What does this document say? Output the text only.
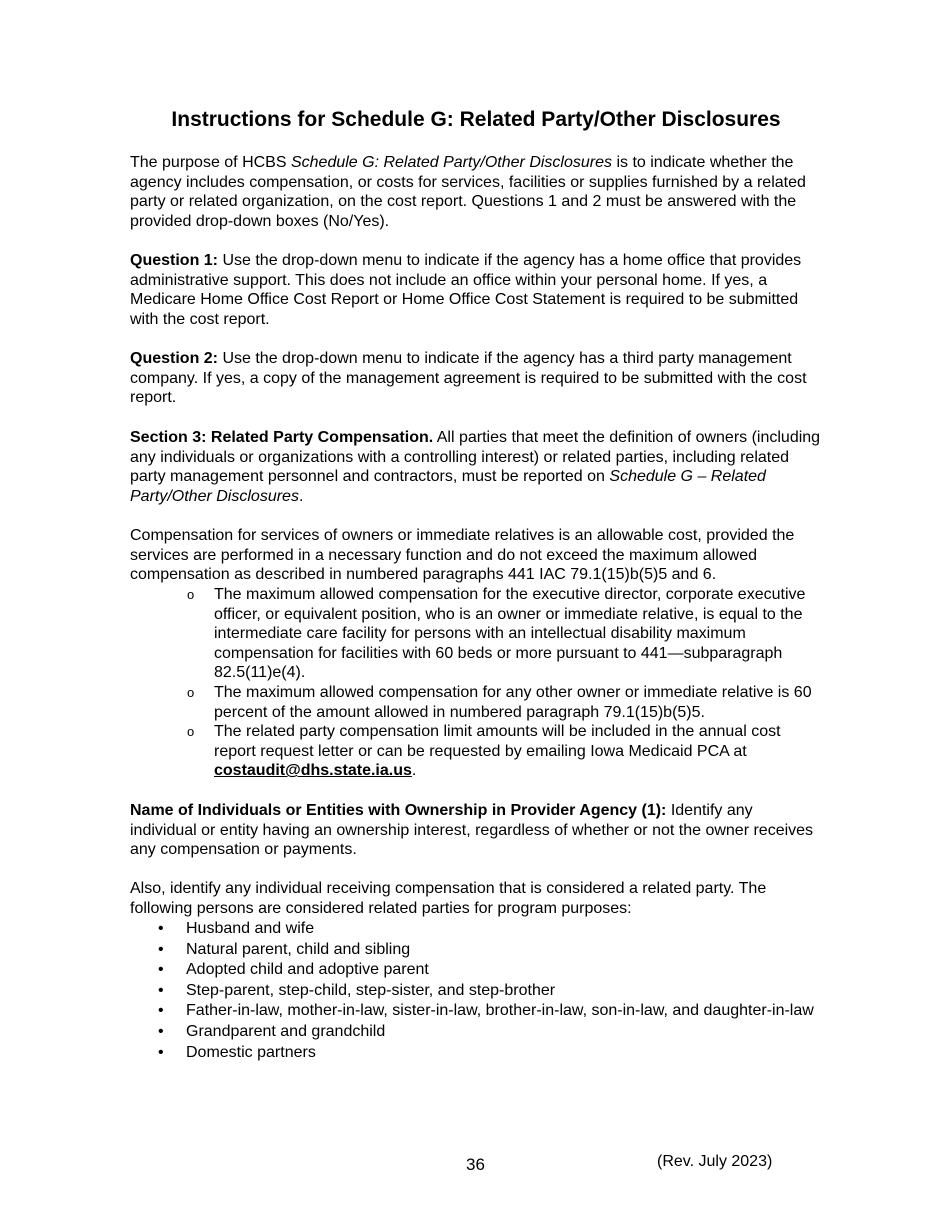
Instructions for Schedule G: Related Party/Other Disclosures

The purpose of HCBS Schedule G: Related Party/Other Disclosures is to indicate whether the agency includes compensation, or costs for services, facilities or supplies furnished by a related party or related organization, on the cost report. Questions 1 and 2 must be answered with the provided drop-down boxes (No/Yes).

Question 1: Use the drop-down menu to indicate if the agency has a home office that provides administrative support. This does not include an office within your personal home. If yes, a Medicare Home Office Cost Report or Home Office Cost Statement is required to be submitted with the cost report.

Question 2: Use the drop-down menu to indicate if the agency has a third party management company. If yes, a copy of the management agreement is required to be submitted with the cost report.

Section 3: Related Party Compensation. All parties that meet the definition of owners (including any individuals or organizations with a controlling interest) or related parties, including related party management personnel and contractors, must be reported on Schedule G – Related Party/Other Disclosures.

Compensation for services of owners or immediate relatives is an allowable cost, provided the services are performed in a necessary function and do not exceed the maximum allowed compensation as described in numbered paragraphs 441 IAC 79.1(15)b(5)5 and 6.

o The maximum allowed compensation for the executive director, corporate executive officer, or equivalent position, who is an owner or immediate relative, is equal to the intermediate care facility for persons with an intellectual disability maximum compensation for facilities with 60 beds or more pursuant to 441—subparagraph 82.5(11)e(4).
o The maximum allowed compensation for any other owner or immediate relative is 60 percent of the amount allowed in numbered paragraph 79.1(15)b(5)5.
o The related party compensation limit amounts will be included in the annual cost report request letter or can be requested by emailing Iowa Medicaid PCA at costaudit@dhs.state.ia.us.

Name of Individuals or Entities with Ownership in Provider Agency (1): Identify any individual or entity having an ownership interest, regardless of whether or not the owner receives any compensation or payments.

Also, identify any individual receiving compensation that is considered a related party. The following persons are considered related parties for program purposes:

• Husband and wife
• Natural parent, child and sibling
• Adopted child and adoptive parent
• Step-parent, step-child, step-sister, and step-brother
• Father-in-law, mother-in-law, sister-in-law, brother-in-law, son-in-law, and daughter-in-law
• Grandparent and grandchild
• Domestic partners
36	(Rev. July 2023)
